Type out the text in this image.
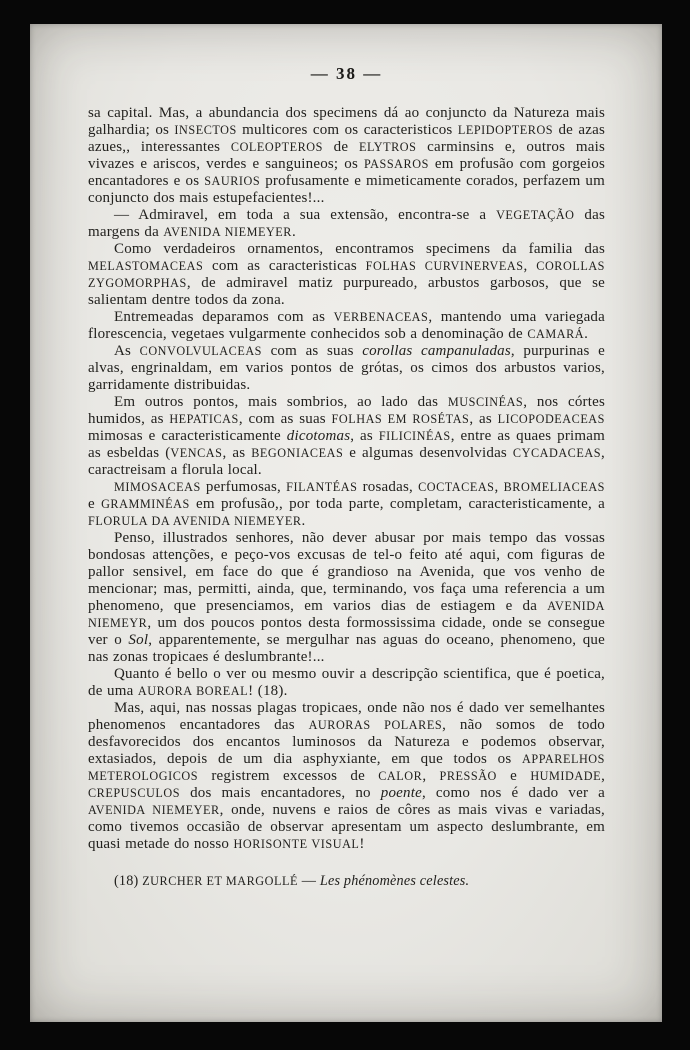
— 38 —

sa capital. Mas, a abundancia dos specimens dá ao conjuncto da Natureza mais galhardia; os INSECTOS multicores com os caracteristicos LEPIDOPTEROS de azas azues,, interessantes COLEOPTEROS de ELYTROS carminsins e, outros mais vivazes e ariscos, verdes e sanguineos; os PASSAROS em profusão com gorgeios encantadores e os SAURIOS profusamente e mimeticamente corados, perfazem um conjuncto dos mais estupefacientes!...

— Admiravel, em toda a sua extensão, encontra-se a VEGETAÇÃO das margens da AVENIDA NIEMEYER.

Como verdadeiros ornamentos, encontramos specimens da familia das MELASTOMACEAS com as caracteristicas FOLHAS CURVINERVEAS, COROLLAS ZYGOMORPHAS, de admiravel matiz purpureado, arbustos garbosos, que se salientam dentre todos da zona.

Entremeadas deparamos com as VERBENACEAS, mantendo uma variegada florescencia, vegetaes vulgarmente conhecidos sob a denominação de CAMARÁ.

As CONVOLVULACEAS com as suas corollas campanuladas, purpurinas e alvas, engrinaldam, em varios pontos de grótas, os cimos dos arbustos varios, garridamente distribuidas.

Em outros pontos, mais sombrios, ao lado das MUSCINÉAS, nos córtes humidos, as HEPATICAS, com as suas FOLHAS EM ROSÉTAS, as LICOPODEACEAS mimosas e caracteristicamente dicotomas, as FILICINÉAS, entre as quaes primam as esbeldas (VENCAS, as BEGONIACEAS e algumas desenvolvidas CYCADACEAS, caractreisam a florula local.

MIMOSACEAS perfumosas, FILANTÉAS rosadas, COCTACEAS, BROMELIACEAS e GRAMMINÉAS em profusão,, por toda parte, completam, caracteristicamente, a FLORULA DA AVENIDA NIEMEYER.

Penso, illustrados senhores, não dever abusar por mais tempo das vossas bondosas attenções, e peço-vos excusas de tel-o feito até aqui, com figuras de pallor sensivel, em face do que é grandioso na Avenida, que vos venho de mencionar; mas, permitti, ainda, que, terminando, vos faça uma referencia a um phenomeno, que presenciamos, em varios dias de estiagem e da AVENIDA NIEMEYR, um dos poucos pontos desta formossissima cidade, onde se consegue ver o Sol, apparentemente, se mergulhar nas aguas do oceano, phenomeno, que nas zonas tropicaes é deslumbrante!...

Quanto é bello o ver ou mesmo ouvir a descripção scientifica, que é poetica, de uma AURORA BOREAL! (18).

Mas, aqui, nas nossas plagas tropicaes, onde não nos é dado ver semelhantes phenomenos encantadores das AURORAS POLARES, não somos de todo desfavorecidos dos encantos luminosos da Natureza e podemos observar, extasiados, depois de um dia asphyxiante, em que todos os APPARELHOS METEROLOGICOS registrem excessos de CALOR, PRESSÃO e HUMIDADE, CREPUSCULOS dos mais encantadores, no poente, como nos é dado ver a AVENIDA NIEMEYER, onde, nuvens e raios de côres as mais vivas e variadas, como tivemos occasião de observar apresentam um aspecto deslumbrante, em quasi metade do nosso HORISONTE VISUAL!

(18) ZURCHER ET MARGOLLÉ — Les phénomènes celestes.
